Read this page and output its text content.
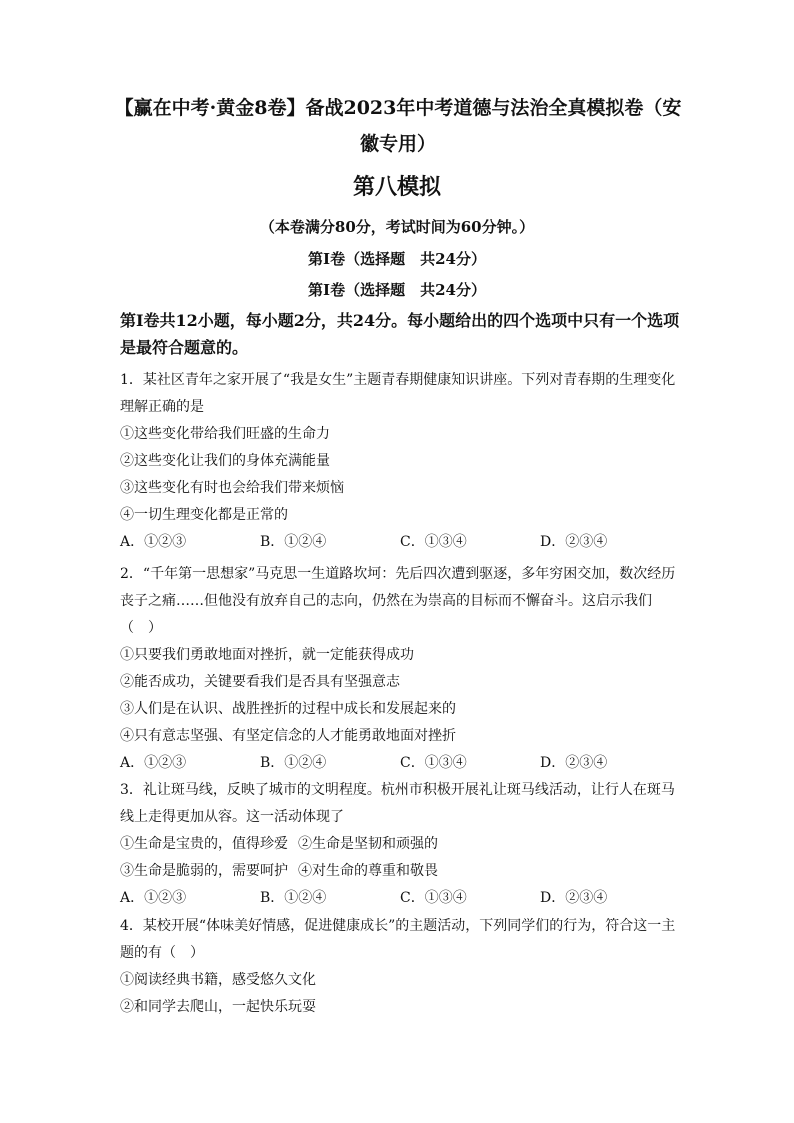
【赢在中考·黄金8卷】备战2023年中考道德与法治全真模拟卷（安徽专用）
第八模拟
（本卷满分80分，考试时间为60分钟。）
第I卷（选择题　共24分）
第I卷（选择题　共24分）
第I卷共12小题，每小题2分，共24分。每小题给出的四个选项中只有一个选项是最符合题意的。

1．某社区青年之家开展了“我是女生”主题青春期健康知识讲座。下列对青春期的生理变化理解正确的是

①这些变化带给我们旺盛的生命力

②这些变化让我们的身体充满能量

③这些变化有时也会给我们带来烦恼

④一切生理变化都是正常的

A．①②③	B．①②④	C．①③④	D．②③④

2．“千年第一思想家”马克思一生道路坎坷：先后四次遭到驱逐，多年穷困交加，数次经历丧子之痛……但他没有放弃自己的志向，仍然在为崇高的目标而不懈奋斗。这启示我们（　）

①只要我们勇敢地面对挫折，就一定能获得成功

②能否成功，关键要看我们是否具有坚强意志

③人们是在认识、战胜挫折的过程中成长和发展起来的

④只有意志坚强、有坚定信念的人才能勇敢地面对挫折

A．①②③	B．①②④	C．①③④	D．②③④

3．礼让斑马线，反映了城市的文明程度。杭州市积极开展礼让斑马线活动，让行人在斑马线上走得更加从容。这一活动体现了

①生命是宝贵的，值得珍爱 ②生命是坚韧和顽强的

③生命是脆弱的，需要呵护 ④对生命的尊重和敬畏

A．①②③	B．①②④	C．①③④	D．②③④

4．某校开展“体味美好情感，促进健康成长”的主题活动，下列同学们的行为，符合这一主题的有（　）

①阅读经典书籍，感受悠久文化

②和同学去爬山，一起快乐玩耍
